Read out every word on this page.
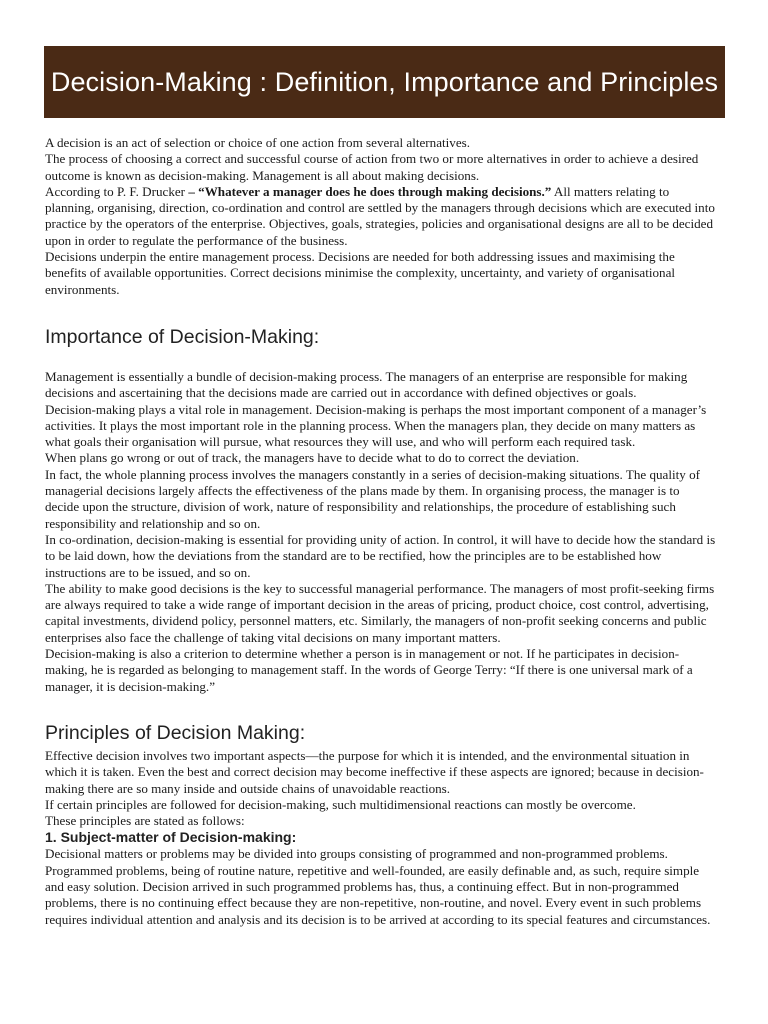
Decision-Making : Definition, Importance and Principles

A decision is an act of selection or choice of one action from several alternatives.

The process of choosing a correct and successful course of action from two or more alternatives in order to achieve a desired outcome is known as decision-making. Management is all about making decisions.

According to P. F. Drucker – “Whatever a manager does he does through making decisions.” All matters relating to planning, organising, direction, co-ordination and control are settled by the managers through decisions which are executed into practice by the operators of the enterprise. Objectives, goals, strategies, policies and organisational designs are all to be decided upon in order to regulate the performance of the business.

Decisions underpin the entire management process. Decisions are needed for both addressing issues and maximising the benefits of available opportunities. Correct decisions minimise the complexity, uncertainty, and variety of organisational environments.

Importance of Decision-Making:

Management is essentially a bundle of decision-making process. The managers of an enterprise are responsible for making decisions and ascertaining that the decisions made are carried out in accordance with defined objectives or goals.

Decision-making plays a vital role in management. Decision-making is perhaps the most important component of a manager’s activities. It plays the most important role in the planning process. When the managers plan, they decide on many matters as what goals their organisation will pursue, what resources they will use, and who will perform each required task.

When plans go wrong or out of track, the managers have to decide what to do to correct the deviation.

In fact, the whole planning process involves the managers constantly in a series of decision-making situations. The quality of managerial decisions largely affects the effectiveness of the plans made by them. In organising process, the manager is to decide upon the structure, division of work, nature of responsibility and relationships, the procedure of establishing such responsibility and relationship and so on.

In co-ordination, decision-making is essential for providing unity of action. In control, it will have to decide how the standard is to be laid down, how the deviations from the standard are to be rectified, how the principles are to be established how instructions are to be issued, and so on.

The ability to make good decisions is the key to successful managerial performance. The managers of most profit-seeking firms are always required to take a wide range of important decision in the areas of pricing, product choice, cost control, advertising, capital investments, dividend policy, personnel matters, etc. Similarly, the managers of non-profit seeking concerns and public enterprises also face the challenge of taking vital decisions on many important matters.

Decision-making is also a criterion to determine whether a person is in management or not. If he participates in decision-making, he is regarded as belonging to management staff. In the words of George Terry: “If there is one universal mark of a manager, it is decision-making.”

Principles of Decision Making:

Effective decision involves two important aspects—the purpose for which it is intended, and the environmental situation in which it is taken. Even the best and correct decision may become ineffective if these aspects are ignored; because in decision-making there are so many inside and outside chains of unavoidable reactions.

If certain principles are followed for decision-making, such multidimensional reactions can mostly be overcome.

These principles are stated as follows:

1. Subject-matter of Decision-making:

Decisional matters or problems may be divided into groups consisting of programmed and non-programmed problems. Programmed problems, being of routine nature, repetitive and well-founded, are easily definable and, as such, require simple and easy solution. Decision arrived in such programmed problems has, thus, a continuing effect. But in non-programmed problems, there is no continuing effect because they are non-repetitive, non-routine, and novel. Every event in such problems requires individual attention and analysis and its decision is to be arrived at according to its special features and circumstances.
